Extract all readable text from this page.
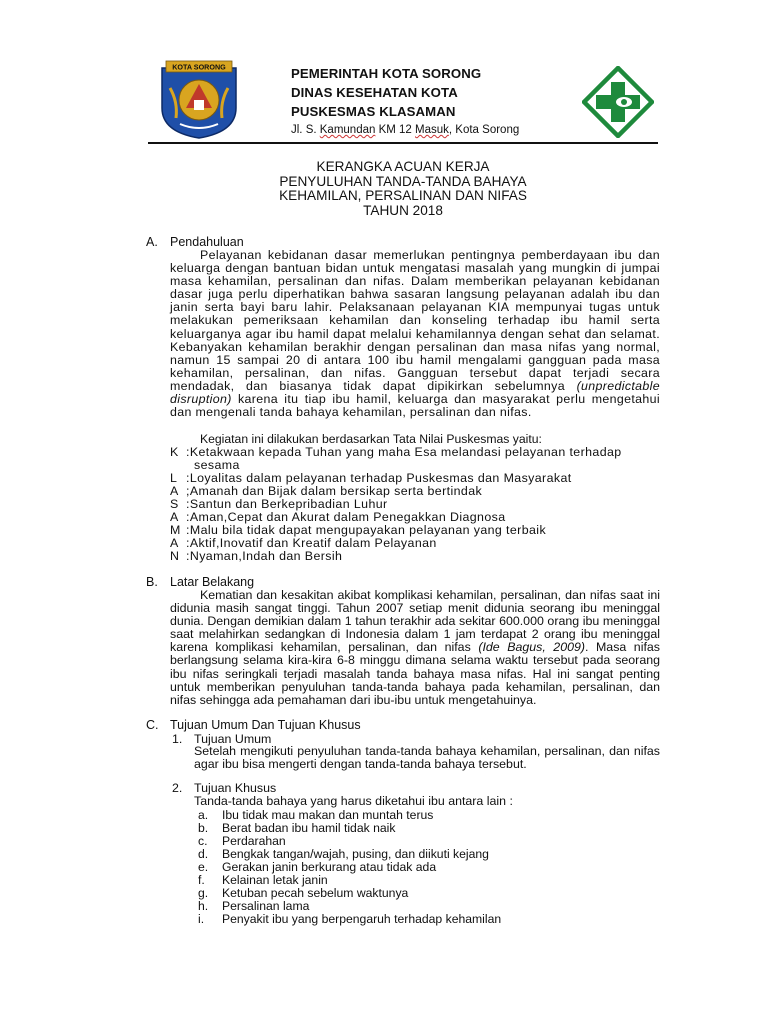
KOTA SORONG	PEMERINTAH KOTA SORONG
DINAS KESEHATAN KOTA
PUSKESMAS KLASAMAN
Jl. S. Kamundan KM 12 Masuk, Kota Sorong
KERANGKA ACUAN KERJA
PENYULUHAN TANDA-TANDA BAHAYA
KEHAMILAN, PERSALINAN DAN NIFAS
TAHUN 2018
A. Pendahuluan
Pelayanan kebidanan dasar memerlukan pentingnya pemberdayaan ibu dan keluarga dengan bantuan bidan untuk mengatasi masalah yang mungkin di jumpai masa kehamilan, persalinan dan nifas. Dalam memberikan pelayanan kebidanan dasar juga perlu diperhatikan bahwa sasaran langsung pelayanan adalah ibu dan janin serta bayi baru lahir. Pelaksanaan pelayanan KIA mempunyai tugas untuk melakukan pemeriksaan kehamilan dan konseling terhadap ibu hamil serta keluarganya agar ibu hamil dapat melalui kehamilannya dengan sehat dan selamat. Kebanyakan kehamilan berakhir dengan persalinan dan masa nifas yang normal, namun 15 sampai 20 di antara 100 ibu hamil mengalami gangguan pada masa kehamilan, persalinan, dan nifas. Gangguan tersebut dapat terjadi secara mendadak, dan biasanya tidak dapat dipikirkan sebelumnya (unpredictable disruption) karena itu tiap ibu hamil, keluarga dan masyarakat perlu mengetahui dan mengenali tanda bahaya kehamilan, persalinan dan nifas.
Kegiatan ini dilakukan berdasarkan Tata Nilai Puskesmas yaitu:
K :Ketakwaan kepada Tuhan yang maha Esa melandasi pelayanan terhadap
sesama
L :Loyalitas dalam pelayanan terhadap Puskesmas dan Masyarakat
A ;Amanah dan Bijak dalam bersikap serta bertindak
S :Santun dan Berkepribadian Luhur
A :Aman,Cepat dan Akurat dalam Penegakkan Diagnosa
M :Malu bila tidak dapat mengupayakan pelayanan yang terbaik
A :Aktif,Inovatif dan Kreatif dalam Pelayanan
N :Nyaman,Indah dan Bersih
B. Latar Belakang
Kematian dan kesakitan akibat komplikasi kehamilan, persalinan, dan nifas saat ini didunia masih sangat tinggi. Tahun 2007 setiap menit didunia seorang ibu meninggal dunia. Dengan demikian dalam 1 tahun terakhir ada sekitar 600.000 orang ibu meninggal saat melahirkan sedangkan di Indonesia dalam 1 jam terdapat 2 orang ibu meninggal karena komplikasi kehamilan, persalinan, dan nifas (Ide Bagus, 2009). Masa nifas berlangsung selama kira-kira 6-8 minggu dimana selama waktu tersebut pada seorang ibu nifas seringkali terjadi masalah tanda bahaya masa nifas. Hal ini sangat penting untuk memberikan penyuluhan tanda-tanda bahaya pada kehamilan, persalinan, dan nifas sehingga ada pemahaman dari ibu-ibu untuk mengetahuinya.
C. Tujuan Umum Dan Tujuan Khusus
1. Tujuan Umum
Setelah mengikuti penyuluhan tanda-tanda bahaya kehamilan, persalinan, dan nifas agar ibu bisa mengerti dengan tanda-tanda bahaya tersebut.
2. Tujuan Khusus
Tanda-tanda bahaya yang harus diketahui ibu antara lain :
a. Ibu tidak mau makan dan muntah terus
b. Berat badan ibu hamil tidak naik
c. Perdarahan
d. Bengkak tangan/wajah, pusing, dan diikuti kejang
e. Gerakan janin berkurang atau tidak ada
f. Kelainan letak janin
g. Ketuban pecah sebelum waktunya
h. Persalinan lama
i. Penyakit ibu yang berpengaruh terhadap kehamilan
